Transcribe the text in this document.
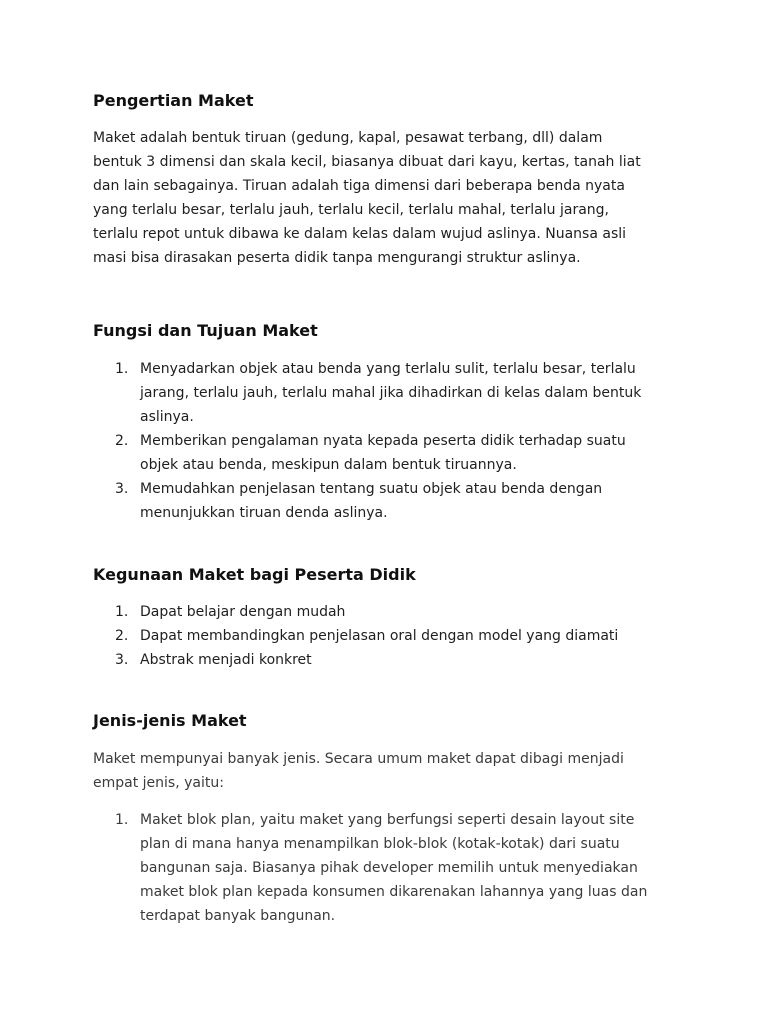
Pengertian Maket

Maket adalah bentuk tiruan (gedung, kapal, pesawat terbang, dll) dalam
bentuk 3 dimensi dan skala kecil, biasanya dibuat dari kayu, kertas, tanah liat
dan lain sebagainya. Tiruan adalah tiga dimensi dari beberapa benda nyata
yang terlalu besar, terlalu jauh, terlalu kecil, terlalu mahal, terlalu jarang,
terlalu repot untuk dibawa ke dalam kelas dalam wujud aslinya. Nuansa asli
masi bisa dirasakan peserta didik tanpa mengurangi struktur aslinya.

Fungsi dan Tujuan Maket
1. Menyadarkan objek atau benda yang terlalu sulit, terlalu besar, terlalu
jarang, terlalu jauh, terlalu mahal jika dihadirkan di kelas dalam bentuk
aslinya.
2. Memberikan pengalaman nyata kepada peserta didik terhadap suatu
objek atau benda, meskipun dalam bentuk tiruannya.
3. Memudahkan penjelasan tentang suatu objek atau benda dengan
menunjukkan tiruan denda aslinya.
Kegunaan Maket bagi Peserta Didik
1. Dapat belajar dengan mudah
2. Dapat membandingkan penjelasan oral dengan model yang diamati
3. Abstrak menjadi konkret
Jenis-jenis Maket

Maket mempunyai banyak jenis. Secara umum maket dapat dibagi menjadi
empat jenis, yaitu:

1. Maket blok plan, yaitu maket yang berfungsi seperti desain layout site
plan di mana hanya menampilkan blok-blok (kotak-kotak) dari suatu
bangunan saja. Biasanya pihak developer memilih untuk menyediakan
maket blok plan kepada konsumen dikarenakan lahannya yang luas dan
terdapat banyak bangunan.
